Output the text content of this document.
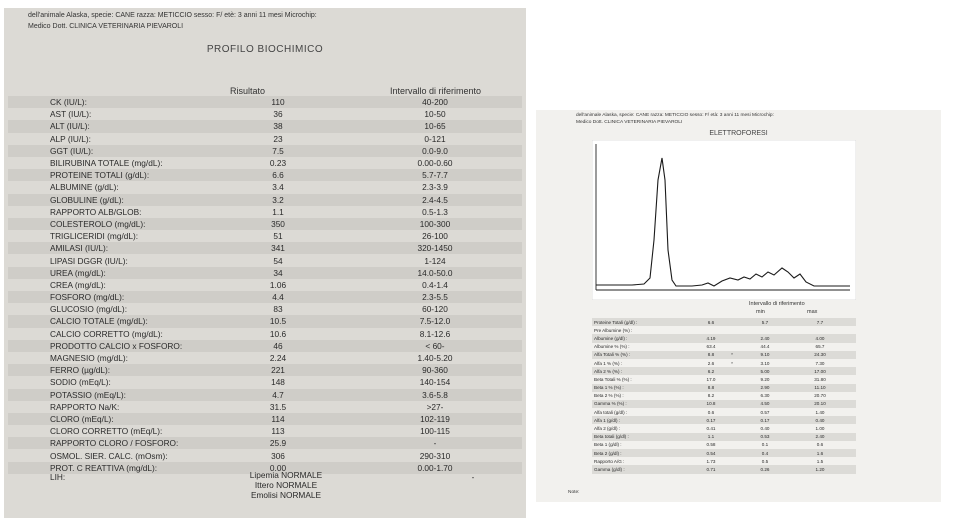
dell'animale Alaska, specie: CANE razza: METICCIO sesso: F/ etè: 3 anni 11 mesi Microchip:
Medico Dott. CLINICA VETERINARIA PIEVAROLI
PROFILO BIOCHIMICO
Risultato	Intervallo di riferimento
CK (IU/L):	110	40-200
AST (IU/L):	36	10-50
ALT (IU/L):	38	10-65
ALP (IU/L):	23	0-121
GGT (IU/L):	7.5	0.0-9.0
BILIRUBINA TOTALE (mg/dL):	0.23	0.00-0.60
PROTEINE TOTALI (g/dL):	6.6	5.7-7.7
ALBUMINE (g/dL):	3.4	2.3-3.9
GLOBULINE (g/dL):	3.2	2.4-4.5
RAPPORTO ALB/GLOB:	1.1	0.5-1.3
COLESTEROLO (mg/dL):	350	100-300
TRIGLICERIDI (mg/dL):	51	26-100
AMILASI (IU/L):	341	320-1450
LIPASI DGGR (IU/L):	54	1-124
UREA (mg/dL):	34	14.0-50.0
CREA (mg/dL):	1.06	0.4-1.4
FOSFORO (mg/dL):	4.4	2.3-5.5
GLUCOSIO (mg/dL):	83	60-120
CALCIO TOTALE (mg/dL):	10.5	7.5-12.0
CALCIO CORRETTO (mg/dL):	10.6	8.1-12.6
PRODOTTO CALCIO x FOSFORO:	46	< 60-
MAGNESIO (mg/dL):	2.24	1.40-5.20
FERRO (µg/dL):	221	90-360
SODIO (mEq/L):	148	140-154
POTASSIO (mEq/L):	4.7	3.6-5.8
RAPPORTO Na/K:	31.5	>27-
CLORO (mEq/L):	114	102-119
CLORO CORRETTO (mEq/L):	113	100-115
RAPPORTO CLORO / FOSFORO:	25.9	-
OSMOL. SIER. CALC. (mOsm):	306	290-310
PROT. C REATTIVA (mg/dL):	0.00	0.00-1.70
LIH:	Lipemia NORMALE
Ittero NORMALE
Emolisi NORMALE
-
dell'animale Alaska, specie: CANE razza: METICCIO sesso: F/ età: 3 anni 11 mesi Microchip:
Medico Dott. CLINICA VETERINARIA PIEVAROLI
ELETTROFORESI
Intervallo di riferimento
min	max
Proteine Totali (g/dl) :	6.6	5.7	7.7
Pre Albumine (%) :
Albumine (g/dl) :	4.19	2.40	4.00
Albumine % (%) :	63.4	44.4	65.7
Alfa Totali % (%) :	8.8	*	9.10	24.30
Alfa 1 % (%) :	2.6	*	3.10	7.30
Alfa 2 % (%) :	6.2	5.00	17.00
Beta Totali % (%) :	17.0	9.20	31.80
Beta 1 % (%) :	8.8	2.90	11.10
Beta 2 % (%) :	8.2	6.30	20.70
Gamma % (%) :	10.8	4.50	20.10
Alfa totali (g/dl) :	0.6	0.57	1.40
Alfa 1 (g/dl) :	0.17	0.17	0.40
Alfa 2 (g/dl) :	0.41	0.40	1.00
Beta totali (g/dl) :	1.1	0.53	2.40
Beta 1 (g/dl) :	0.58	0.1	0.6
Beta 2 (g/dl) :	0.54	0.4	1.6
Rapporto A/G :	1.73	0.5	1.5
Gamma (g/dl) :	0.71	0.26	1.20
Note:
